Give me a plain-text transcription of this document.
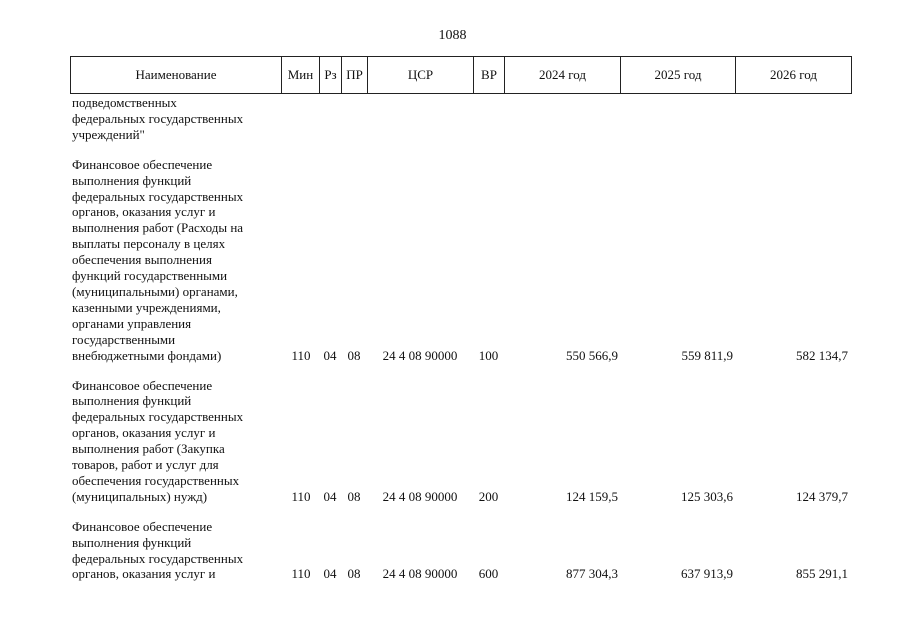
1088
Наименование	Мин	Рз	ПР	ЦСР	ВР	2024 год	2025 год	2026 год
подведомственных
федеральных государственных
учреждений"
Финансовое обеспечение
выполнения функций
федеральных государственных
органов, оказания услуг и
выполнения работ (Расходы на
выплаты персоналу в целях
обеспечения выполнения
функций государственными
(муниципальными) органами,
казенными учреждениями,
органами управления
государственными
внебюджетными фондами)	110 04 08	24 4 08 90000	100	550 566,9	559 811,9	582 134,7
Финансовое обеспечение
выполнения функций
федеральных государственных
органов, оказания услуг и
выполнения работ (Закупка
товаров, работ и услуг для
обеспечения государственных
(муниципальных) нужд)	110 04 08	24 4 08 90000	200	124 159,5	125 303,6	124 379,7
Финансовое обеспечение
выполнения функций
федеральных государственных
органов, оказания услуг и	110 04 08	24 4 08 90000	600	877 304,3	637 913,9	855 291,1
